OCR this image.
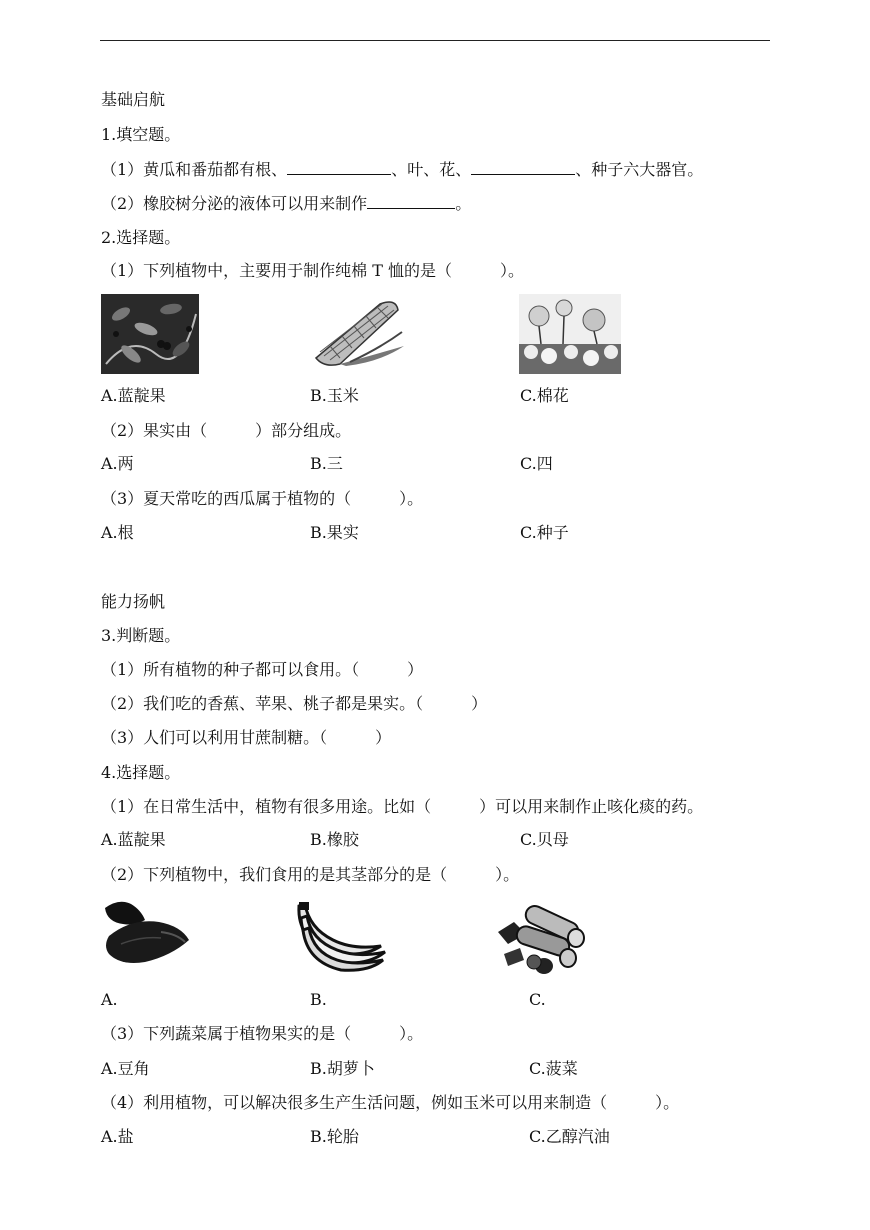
基础启航
1.填空题。
（1）黄瓜和番茄都有根、	、叶、花、	、种子六大器官。
（2）橡胶树分泌的液体可以用来制作	。
2.选择题。
（1）下列植物中，主要用于制作纯棉 T 恤的是（　　　）。
A.蓝靛果	B.玉米	C.棉花
（2）果实由（　　　）部分组成。
A.两	B.三	C.四
（3）夏天常吃的西瓜属于植物的（　　　）。
A.根	B.果实	C.种子
能力扬帆
3.判断题。
（1）所有植物的种子都可以食用。（　　　）
（2）我们吃的香蕉、苹果、桃子都是果实。（　　　）
（3）人们可以利用甘蔗制糖。（　　　）
4.选择题。
（1）在日常生活中，植物有很多用途。比如（　　　）可以用来制作止咳化痰的药。
A.蓝靛果	B.橡胶	C.贝母
（2）下列植物中，我们食用的是其茎部分的是（　　　）。
A.	B.	C.
（3）下列蔬菜属于植物果实的是（　　　）。
A.豆角	B.胡萝卜	C.菠菜
（4）利用植物，可以解决很多生产生活问题，例如玉米可以用来制造（　　　）。
A.盐	B.轮胎	C.乙醇汽油
